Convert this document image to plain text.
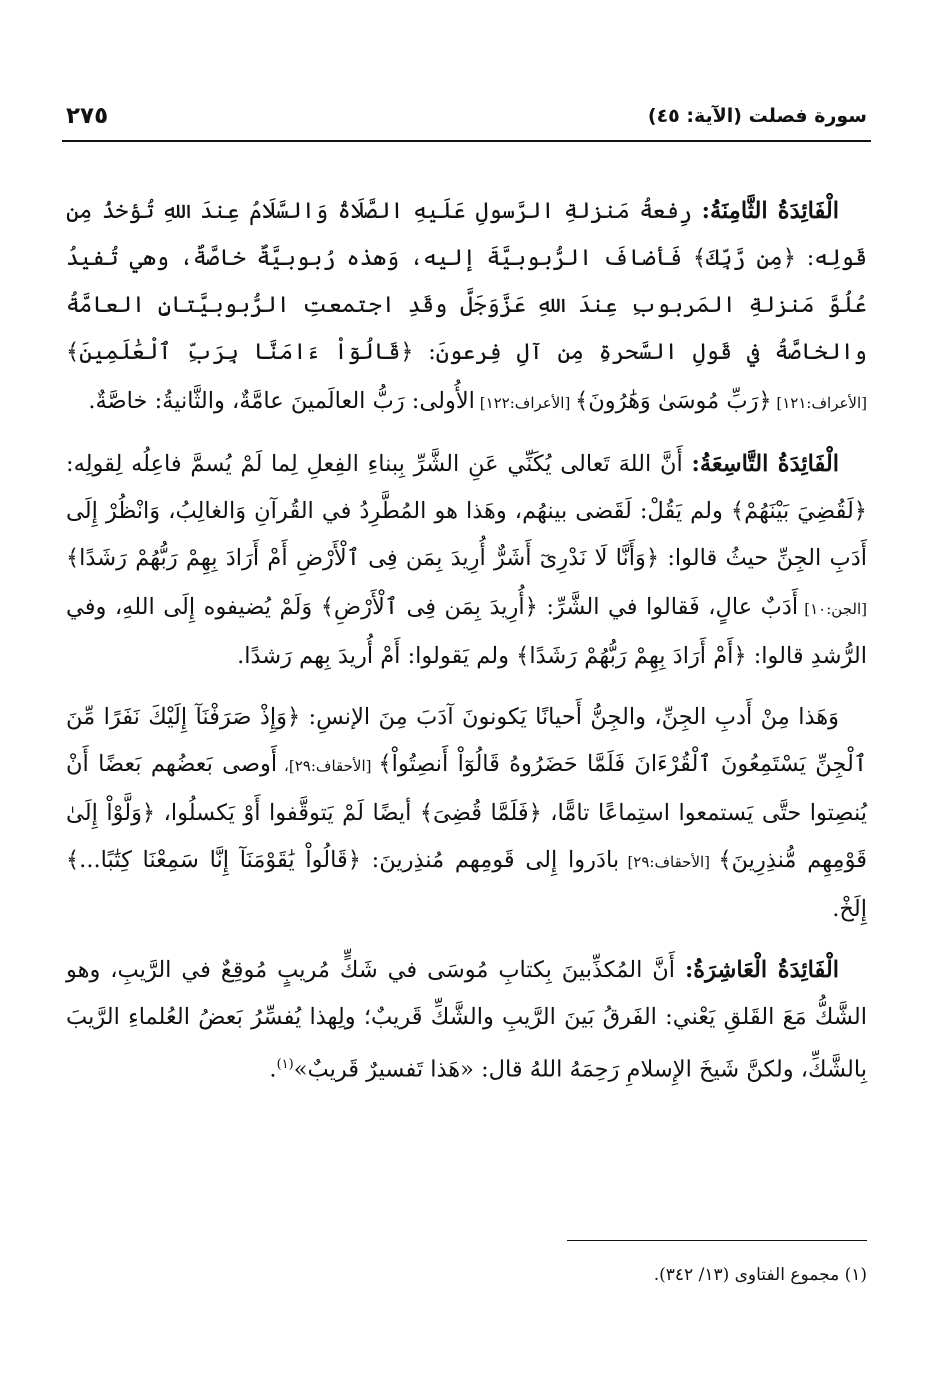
سورة فصلت (الآية: ٤٥)
٢٧٥

الْفَائِدَةُ الثَّامِنَةُ: رِفعةُ مَنزلةِ الرَّسولِ عَلَيهِ الصَّلَاةُ وَالسَّلَامُ عِندَ اللهِ تُؤخذُ مِن قَولِه: ﴿مِن رَّبِّكَ﴾ فَأضافَ الرُّبوبيَّةَ إليه، وَهذه رُبوبيَّةٌ خاصَّةٌ، وهي تُفيدُ عُلُوَّ مَنزلةِ المَربوبِ عِندَ اللهِ عَزَّوَجَلَّ وقَدِ اجتمعتِ الرُّبوبيَّتانِ العامَّةُ والخاصَّةُ في قَولِ السَّحرةِ مِن آلِ فِرعونَ: ﴿قَالُوٓاْ ءَامَنَّا بِرَبِّ ٱلْعَٰلَمِينَ﴾ [الأعراف:١٢١] ﴿رَبِّ مُوسَىٰ وَهَٰرُونَ﴾ [الأعراف:١٢٢] الأُولى: رَبُّ العالَمينَ عامَّةٌ، والثَّانيةُ: خاصَّةٌ.

الْفَائِدَةُ التَّاسِعَةُ: أَنَّ اللهَ تَعالى يُكَنِّي عَنِ الشَّرِّ بِبناءِ الفِعلِ لِما لَمْ يُسمَّ فاعِلُه لِقولِه: ﴿لَقُضِيَ بَيْنَهُمْ﴾ ولم يَقُلْ: لَقَضى بينهُم، وهَذا هو المُطَّرِدُ في القُرآنِ وَالغالِبُ، وَانْظُرْ إِلَى أَدَبِ الجِنِّ حيثُ قالوا: ﴿وَأَنَّا لَا نَدْرِىٓ أَشَرٌّ أُرِيدَ بِمَن فِى ٱلْأَرْضِ أَمْ أَرَادَ بِهِمْ رَبُّهُمْ رَشَدًا﴾ [الجن:١٠] أَدَبٌ عالٍ، فَقالوا في الشَّرِّ: ﴿أُرِيدَ بِمَن فِى ٱلْأَرْضِ﴾ وَلَمْ يُضيفوه إِلَى اللهِ، وفي الرُّشدِ قالوا: ﴿أَمْ أَرَادَ بِهِمْ رَبُّهُمْ رَشَدًا﴾ ولم يَقولوا: أَمْ أُريدَ بِهم رَشدًا.

وَهَذا مِنْ أَدبِ الجِنِّ، والجِنُّ أَحيانًا يَكونونَ آدَبَ مِنَ الإنسِ: ﴿وَإِذْ صَرَفْنَآ إِلَيْكَ نَفَرًا مِّنَ ٱلْجِنِّ يَسْتَمِعُونَ ٱلْقُرْءَانَ فَلَمَّا حَضَرُوهُ قَالُوٓاْ أَنصِتُواْ﴾ [الأحقاف:٢٩]، أَوصى بَعضُهم بَعضًا أَنْ يُنصِتوا حتَّى يَستمعوا استِماعًا تامًّا، ﴿فَلَمَّا قُضِىَ﴾ أيضًا لَمْ يَتوقَّفوا أَوْ يَكسلُوا، ﴿وَلَّوْاْ إِلَىٰ قَوْمِهِم مُّنذِرِينَ﴾ [الأحقاف:٢٩] بادَروا إِلى قَومِهم مُنذِرينَ: ﴿قَالُواْ يَٰقَوْمَنَآ إِنَّا سَمِعْنَا كِتَٰبًا...﴾ إِلَخْ.

الْفَائِدَةُ الْعَاشِرَةُ: أَنَّ المُكذِّبينَ بِكتابِ مُوسَى في شَكٍّ مُريبٍ مُوقِعٌ في الرَّيبِ، وهو الشَّكُّ مَعَ القَلقِ يَعْني: الفَرقُ بَينَ الرَّيبِ والشَّكِّ قَريبٌ؛ ولِهذا يُفسِّرُ بَعضُ العُلماءِ الرَّيبَ بِالشَّكِّ، ولكنَّ شَيخَ الإِسلامِ رَحِمَهُ اللهُ قال: «هَذا تَفسيرٌ قَريبٌ»$^{(١)}$.

(١) مجموع الفتاوى (١٣/ ٣٤٢).
